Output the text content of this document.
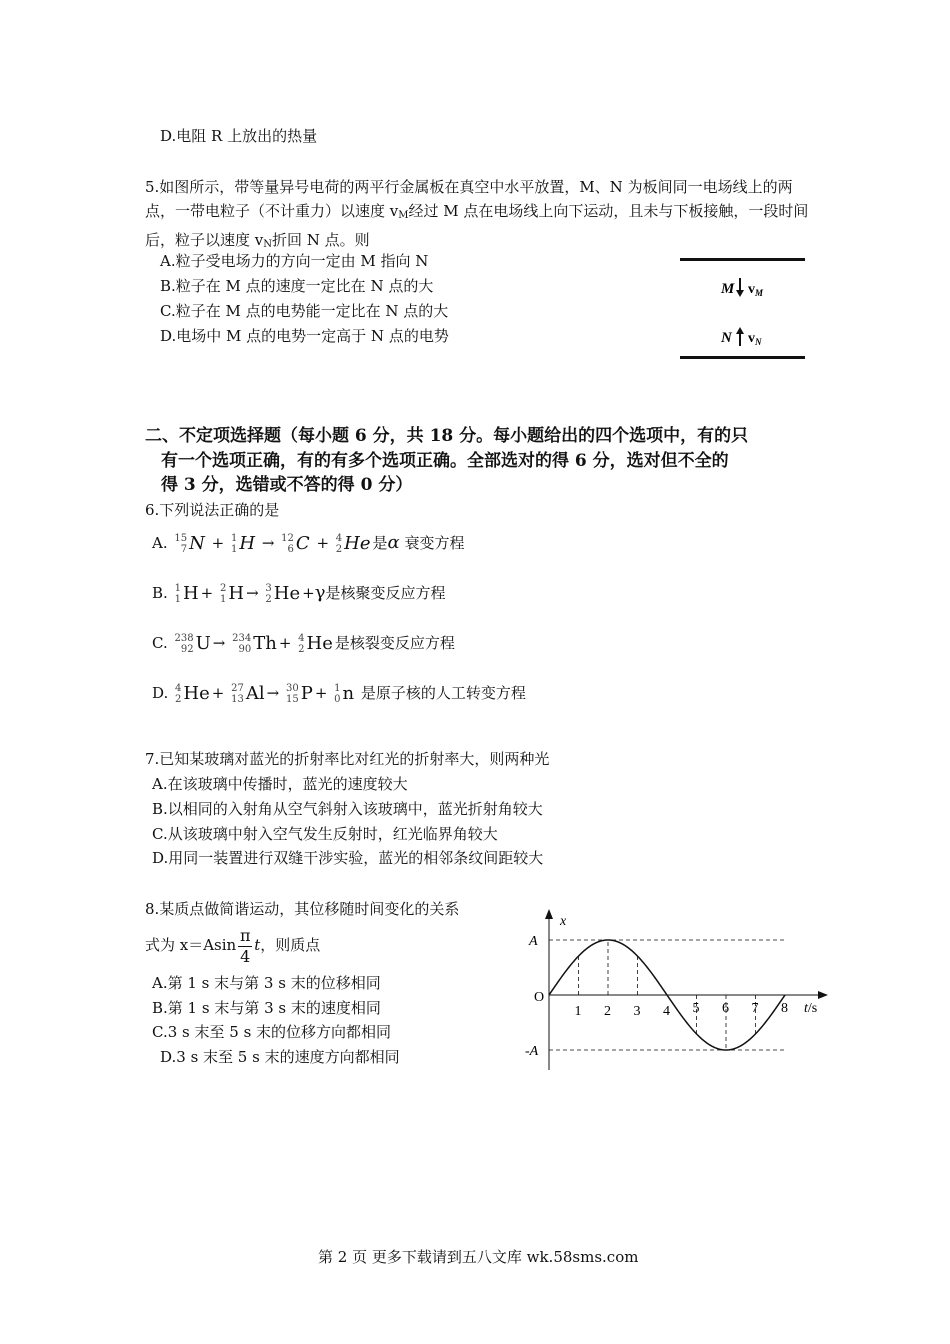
D.电阻 R 上放出的热量
5.如图所示，带等量异号电荷的两平行金属板在真空中水平放置，M、N 为板间同一电场线上的两点，一带电粒子（不计重力）以速度 $v_M$经过 M 点在电场线上向下运动，且未与下板接触，一段时间后，粒子以速度 $v_N$折回 N 点。则
A.粒子受电场力的方向一定由 M 指向 N
B.粒子在 M 点的速度一定比在 N 点的大
C.粒子在 M 点的电势能一定比在 N 点的大
D.电场中 M 点的电势一定高于 N 点的电势
M $v_M$
N $v_N$
二、不定项选择题（每小题 6 分，共 18 分。每小题给出的四个选项中，有的只
有一个选项正确，有的有多个选项正确。全部选对的得 6 分，选对但不全的
得 3 分，选错或不答的得 0 分）
6.下列说法正确的是
A. 15
7 N + 1
1 H → 12
6 C + 4
2 He 是α 衰变方程
B. 1
1 H + 2
1 H → 3
2 He +γ是核聚变反应方程
C. 238
92 U → 234
90 Th + 4
2 He 是核裂变反应方程
D. 4
2 He + 27
13 Al → 30
15 P + 1
0 n 是原子核的人工转变方程
7.已知某玻璃对蓝光的折射率比对红光的折射率大，则两种光
A.在该玻璃中传播时，蓝光的速度较大
B.以相同的入射角从空气斜射入该玻璃中，蓝光折射角较大
C.从该玻璃中射入空气发生反射时，红光临界角较大
D.用同一装置进行双缝干涉实验，蓝光的相邻条纹间距较大
8.某质点做简谐运动，其位移随时间变化的关系
式为 $x=Asin \frac{\pi}{4}$ t，则质点
A.第 1 s 末与第 3 s 末的位移相同
B.第 1 s 末与第 3 s 末的速度相同
C.3 s 末至 5 s 末的位移方向都相同
D.3 s 末至 5 s 末的速度方向都相同
x
t/s
O
A
-A
1 2 3 4 5 6 7 8
第 2 页 更多下载请到五八文库 wk.58sms.com
